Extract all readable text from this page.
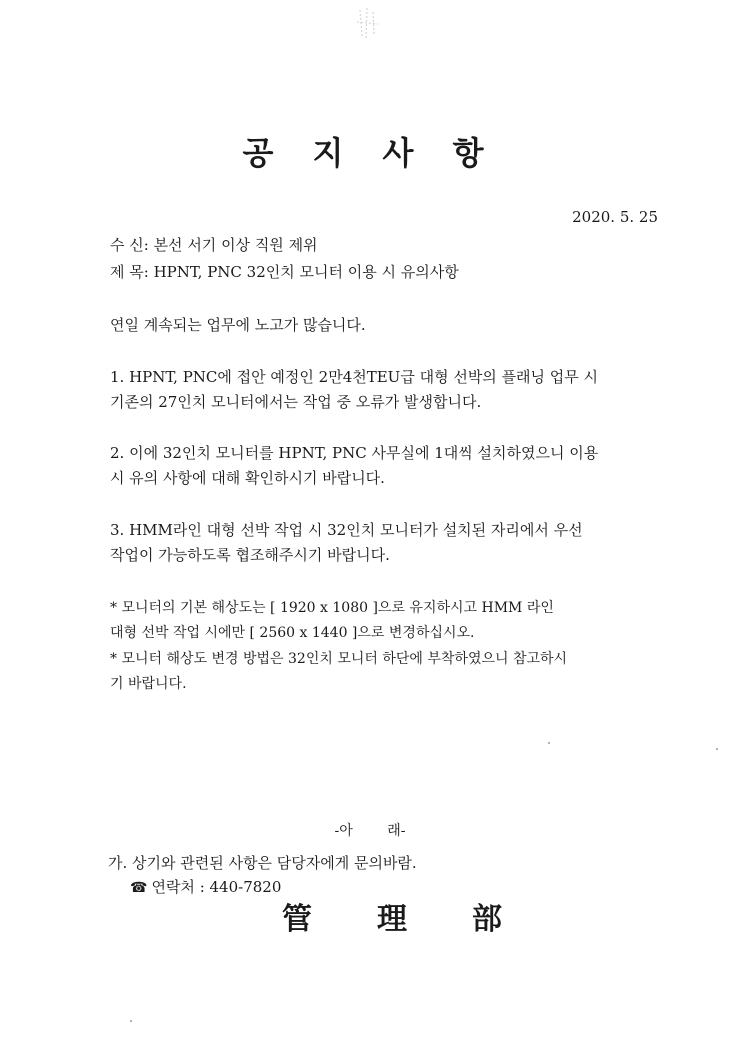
공 지 사 항
2020. 5. 25
수 신: 본선 서기 이상 직원 제위
제 목: HPNT, PNC 32인치 모니터 이용 시 유의사항
연일 계속되는 업무에 노고가 많습니다.
1. HPNT, PNC에 접안 예정인 2만4천TEU급 대형 선박의 플래닝 업무 시
기존의 27인치 모니터에서는 작업 중 오류가 발생합니다.
2. 이에 32인치 모니터를 HPNT, PNC 사무실에 1대씩 설치하였으니 이용
시 유의 사항에 대해 확인하시기 바랍니다.
3. HMM라인 대형 선박 작업 시 32인치 모니터가 설치된 자리에서 우선
작업이 가능하도록 협조해주시기 바랍니다.
* 모니터의 기본 해상도는 [ 1920 x 1080 ]으로 유지하시고 HMM 라인
대형 선박 작업 시에만 [ 2560 x 1440 ]으로 변경하십시오.
* 모니터 해상도 변경 방법은 32인치 모니터 하단에 부착하였으니 참고하시
기 바랍니다.
-아 래-
가. 상기와 관련된 사항은 담당자에게 문의바람.
☎ 연락처 : 440-7820
管 理 部
